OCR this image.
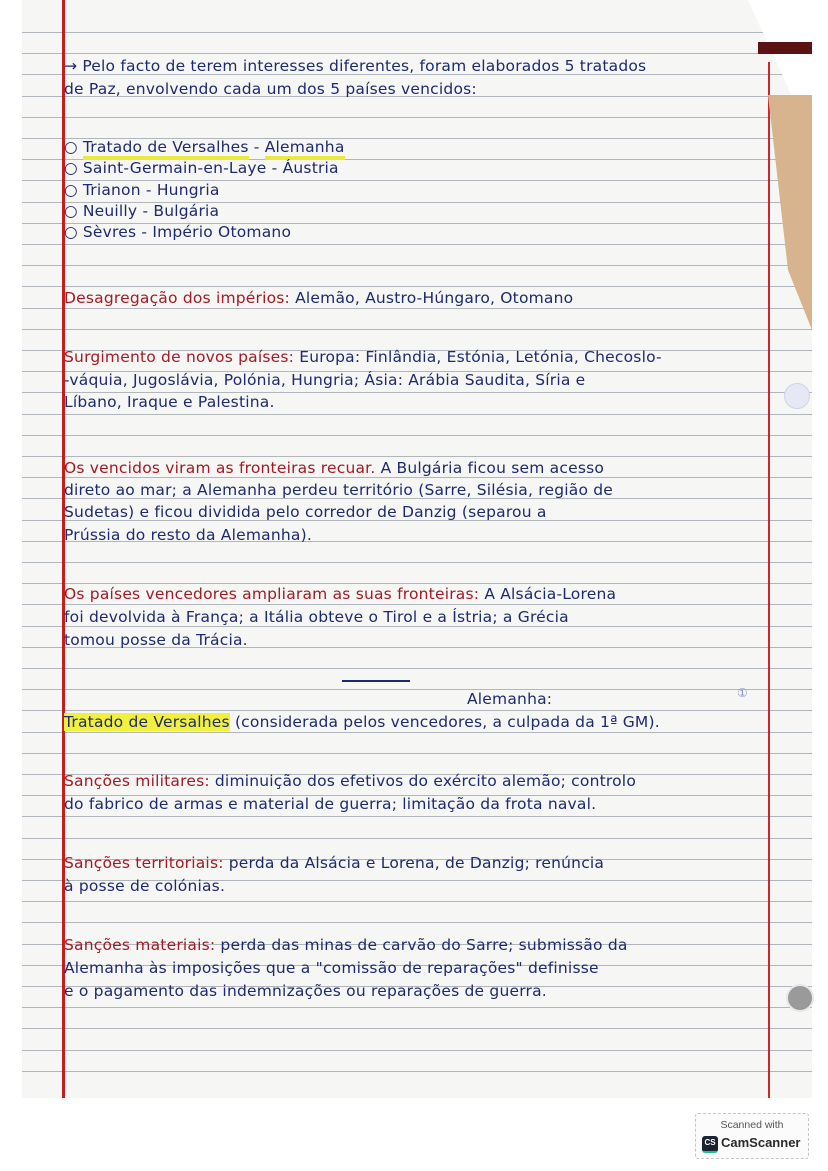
→ Pelo facto de terem interesses diferentes, foram elaborados 5 tratados
de Paz, envolvendo cada um dos 5 países vencidos:
○ Tratado de Versalhes - Alemanha
○ Saint-Germain-en-Laye - Áustria
○ Trianon - Hungria
○ Neuilly - Bulgária
○ Sèvres - Império Otomano
Desagregação dos impérios: Alemão, Austro-Húngaro, Otomano
Surgimento de novos países: Europa: Finlândia, Estónia, Letónia, Checoslo-
-váquia, Jugoslávia, Polónia, Hungria; Ásia: Arábia Saudita, Síria e
Líbano, Iraque e Palestina.
Os vencidos viram as fronteiras recuar. A Bulgária ficou sem acesso
direto ao mar; a Alemanha perdeu território (Sarre, Silésia, região de
Sudetas) e ficou dividida pelo corredor de Danzig (separou a
Prússia do resto da Alemanha).
Os países vencedores ampliaram as suas fronteiras: A Alsácia-Lorena
foi devolvida à França; a Itália obteve o Tirol e a Ístria; a Grécia
tomou posse da Trácia.
Alemanha:	①
Tratado de Versalhes (considerada pelos vencedores, a culpada da 1ª GM).
Sanções militares: diminuição dos efetivos do exército alemão; controlo
do fabrico de armas e material de guerra; limitação da frota naval.
Sanções territoriais: perda da Alsácia e Lorena, de Danzig; renúncia
à posse de colónias.
Sanções materiais: perda das minas de carvão do Sarre; submissão da
Alemanha às imposições que a "comissão de reparações" definisse
e o pagamento das indemnizações ou reparações de guerra.
Scanned with
CS CamScanner
